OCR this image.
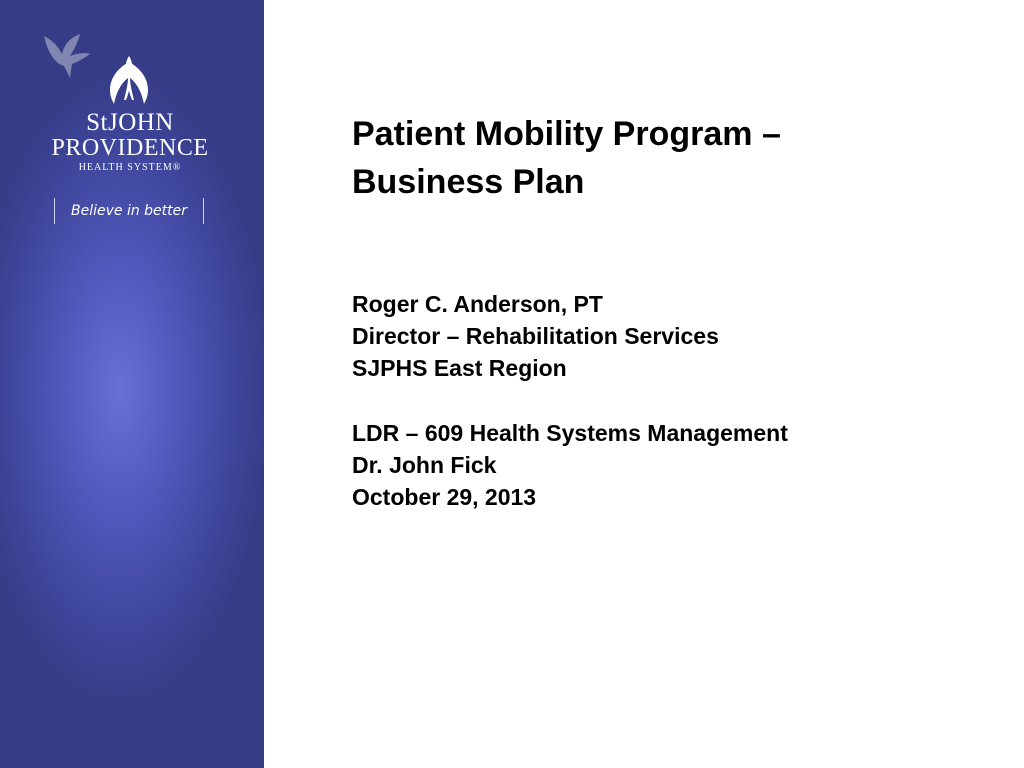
StJOHN
PROVIDENCE
HEALTH SYSTEM®
Believe in better
Patient Mobility Program –
Business Plan
Roger C. Anderson, PT
Director – Rehabilitation Services
SJPHS East Region
LDR – 609 Health Systems Management
Dr. John Fick
October 29, 2013
